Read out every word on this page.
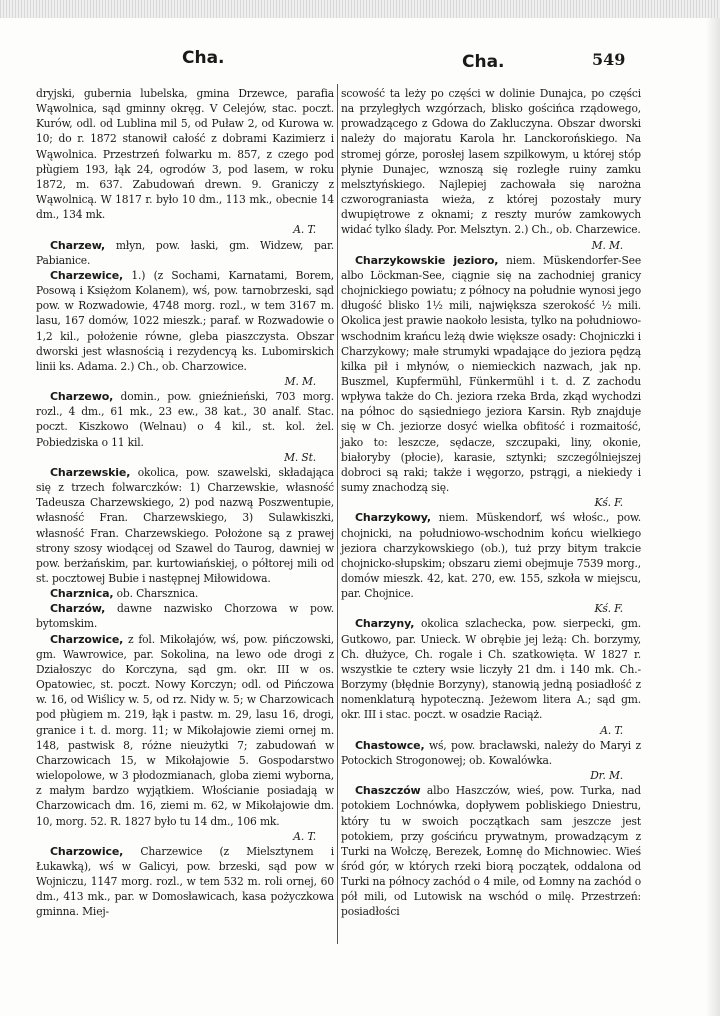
Cha.	Cha.	549

dryjski, gubernia lubelska, gmina Drzewce, parafia Wąwolnica, sąd gminny okręg. V Celejów, stac. poczt. Kurów, odl. od Lublina mil 5, od Puław 2, od Kurowa w. 10; do r. 1872 stanowił całość z dobrami Kazimierz i Wąwolnica. Przestrzeń folwarku m. 857, z czego pod płùgiem 193, łąk 24, ogrodów 3, pod lasem, w roku 1872, m. 637. Zabudowań drewn. 9. Graniczy z Wąwolnicą. W 1817 r. było 10 dm., 113 mk., obecnie 14 dm., 134 mk.
A. T.

Charzew, młyn, pow. łaski, gm. Widzew, par. Pabianice.

Charzewice, 1.) (z Sochami, Karnatami, Borem, Posową i Księżom Kolanem), wś, pow. tarnobrzeski, sąd pow. w Rozwadowie, 4748 morg. rozl., w tem 3167 m. lasu, 167 domów, 1022 mieszk.; paraf. w Rozwadowie o 1,2 kil., położenie równe, gleba piaszczysta. Obszar dworski jest własnością i rezydencyą ks. Lubomirskich linii ks. Adama. 2.) Ch., ob. Charzowice.
M. M.

Charzewo, domin., pow. gnieźnieński, 703 morg. rozl., 4 dm., 61 mk., 23 ew., 38 kat., 30 analf. Stac. poczt. Kiszkowo (Welnau) o 4 kil., st. kol. żel. Pobiedziska o 11 kil.
M. St.

Charzewskie, okolica, pow. szawelski, składająca się z trzech folwarczków: 1) Charzewskie, własność Tadeusza Charzewskiego, 2) pod nazwą Poszwentupie, własność Fran. Charzewskiego, 3) Sulawkiszki, własność Fran. Charzewskiego. Położone są z prawej strony szosy wiodącej od Szawel do Taurog, dawniej w pow. berżańskim, par. kurtowiańskiej, o półtorej mili od st. pocztowej Bubie i następnej Miłowidowa.

Charznica, ob. Charsznica.

Charzów, dawne nazwisko Chorzowa w pow. bytomskim.

Charzowice, z fol. Mikołajów, wś, pow. pińczowski, gm. Wawrowice, par. Sokolina, na lewo ode drogi z Działoszyc do Korczyna, sąd gm. okr. III w os. Opatowiec, st. poczt. Nowy Korczyn; odl. od Pińczowa w. 16, od Wiślicy w. 5, od rz. Nidy w. 5; w Charzowicach pod płùgiem m. 219, łąk i pastw. m. 29, lasu 16, drogi, granice i t. d. morg. 11; w Mikołajowie ziemi ornej m. 148, pastwisk 8, różne nieużytki 7; zabudowań w Charzowicach 15, w Mikołajowie 5. Gospodarstwo wielopolowe, w 3 płodozmianach, globa ziemi wyborna, z małym bardzo wyjątkiem. Włościanie posiadają w Charzowicach dm. 16, ziemi m. 62, w Mikołajowie dm. 10, morg. 52. R. 1827 było tu 14 dm., 106 mk.
A. T.

Charzowice, Charzewice (z Mielsztynem i Łukawką), wś w Galicyi, pow. brzeski, sąd pow w Wojniczu, 1147 morg. rozl., w tem 532 m. roli ornej, 60 dm., 413 mk., par. w Domosławicach, kasa pożyczkowa gminna. Miej-

scowość ta leży po części w dolinie Dunajca, po części na przyległych wzgórzach, blisko gościńca rządowego, prowadzącego z Gdowa do Zakluczyna. Obszar dworski należy do majoratu Karola hr. Lanckorońskiego. Na stromej górze, porosłej lasem szpilkowym, u której stóp płynie Dunajec, wznoszą się rozległe ruiny zamku melsztyńskiego. Najlepiej zachowała się narożna czworograniasta wieża, z której pozostały mury dwupiętrowe z oknami; z reszty murów zamkowych widać tylko ślady. Por. Melsztyn. 2.) Ch., ob. Charzewice.
M. M.

Charzykowskie jezioro, niem. Müskendorfer-See albo Löckman-See, ciągnie się na zachodniej granicy chojnickiego powiatu; z północy na południe wynosi jego długość blisko 1½ mili, największa szerokość ½ mili. Okolica jest prawie naokoło lesista, tylko na południowo-wschodnim krańcu leżą dwie większe osady: Chojniczki i Charzykowy; małe strumyki wpadające do jeziora pędzą kilka pił i młynów, o niemieckich nazwach, jak np. Buszmel, Kupfermühl, Fünkermühl i t. d. Z zachodu wpływa także do Ch. jeziora rzeka Brda, zkąd wychodzi na północ do sąsiedniego jeziora Karsin. Ryb znajduje się w Ch. jeziorze dosyć wielka obfitość i rozmaitość, jako to: leszcze, sędacze, szczupaki, liny, okonie, białoryby (płocie), karasie, sztynki; szczególniejszej dobroci są raki; także i węgorzo, pstrągi, a niekiedy i sumy znachodzą się.
Kś. F.

Charzykowy, niem. Müskendorf, wś włośc., pow. chojnicki, na południowo-wschodnim końcu wielkiego jeziora charzykowskiego (ob.), tuż przy bitym trakcie chojnicko-słupskim; obszaru ziemi obejmuje 7539 morg., domów mieszk. 42, kat. 270, ew. 155, szkoła w miejscu, par. Chojnice.
Kś. F.

Charzyny, okolica szlachecka, pow. sierpecki, gm. Gutkowo, par. Unieck. W obrębie jej leżą: Ch. borzymy, Ch. dłużyce, Ch. rogale i Ch. szatkowięta. W 1827 r. wszystkie te cztery wsie liczyły 21 dm. i 140 mk. Ch.-Borzymy (błędnie Borzyny), stanowią jedną posiadłość z nomenklaturą hypoteczną. Jeżewom litera A.; sąd gm. okr. III i stac. poczt. w osadzie Raciąż.
A. T.

Chastowce, wś, pow. bracławski, należy do Maryi z Potockich Strogonowej; ob. Kowalówka.
Dr. M.

Chaszczów albo Haszczów, wieś, pow. Turka, nad potokiem Lochnówka, dopływem pobliskiego Dniestru, który tu w swoich początkach sam jeszcze jest potokiem, przy gościńcu prywatnym, prowadzącym z Turki na Wołczę, Berezek, Łomnę do Michnowiec. Wieś śród gór, w których rzeki biorą początek, oddalona od Turki na północy zachód o 4 mile, od Łomny na zachód o pół mili, od Lutowisk na wschód o milę. Przestrzeń: posiadłości
